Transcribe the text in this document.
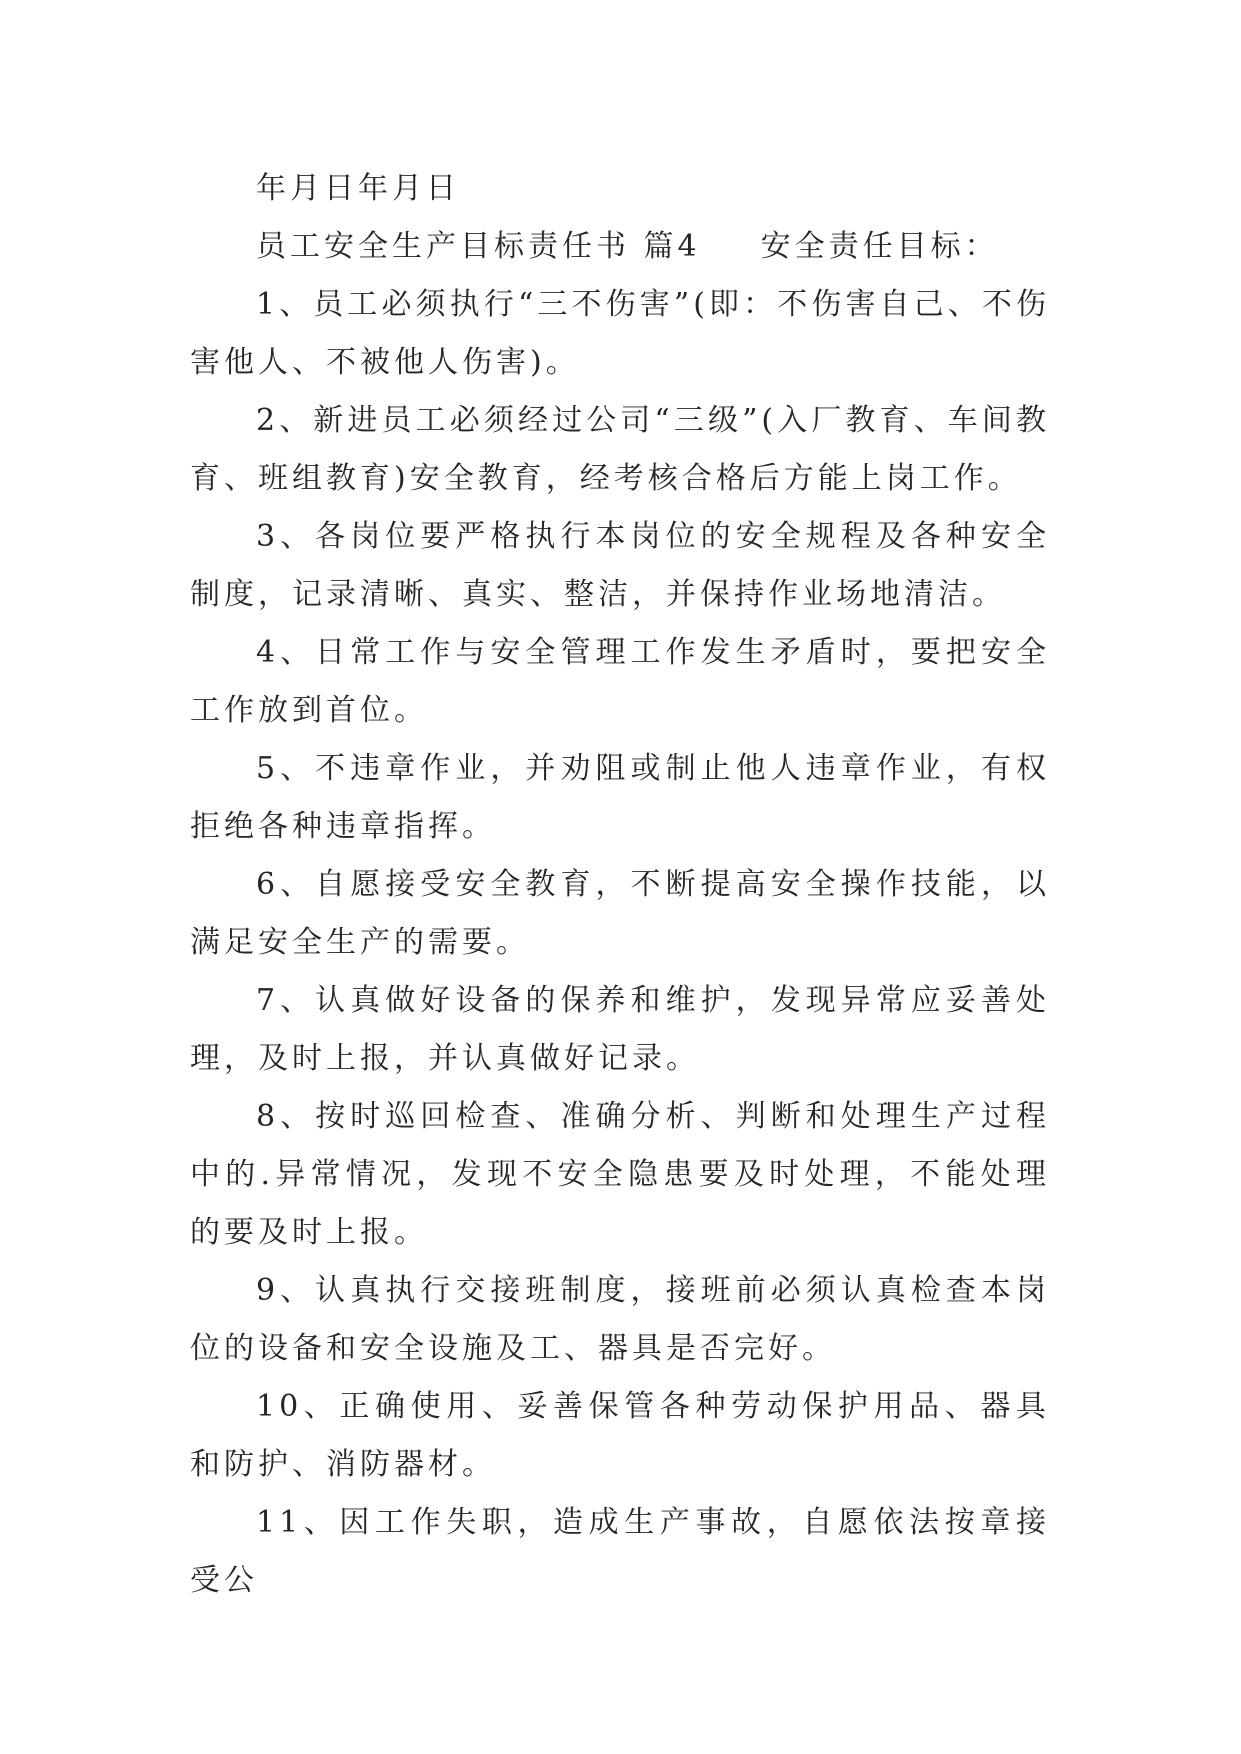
年月日年月日

员工安全生产目标责任书 篇4 安全责任目标：

1、员工必须执行“三不伤害”(即：不伤害自己、不伤害他人、不被他人伤害)。

2、新进员工必须经过公司“三级”(入厂教育、车间教育、班组教育)安全教育，经考核合格后方能上岗工作。

3、各岗位要严格执行本岗位的安全规程及各种安全制度，记录清晰、真实、整洁，并保持作业场地清洁。

4、日常工作与安全管理工作发生矛盾时，要把安全工作放到首位。

5、不违章作业，并劝阻或制止他人违章作业，有权拒绝各种违章指挥。

6、自愿接受安全教育，不断提高安全操作技能，以满足安全生产的需要。

7、认真做好设备的保养和维护，发现异常应妥善处理，及时上报，并认真做好记录。

8、按时巡回检查、准确分析、判断和处理生产过程中的.异常情况，发现不安全隐患要及时处理，不能处理的要及时上报。

9、认真执行交接班制度，接班前必须认真检查本岗位的设备和安全设施及工、器具是否完好。

10、正确使用、妥善保管各种劳动保护用品、器具和防护、消防器材。

11、因工作失职，造成生产事故，自愿依法按章接受公
